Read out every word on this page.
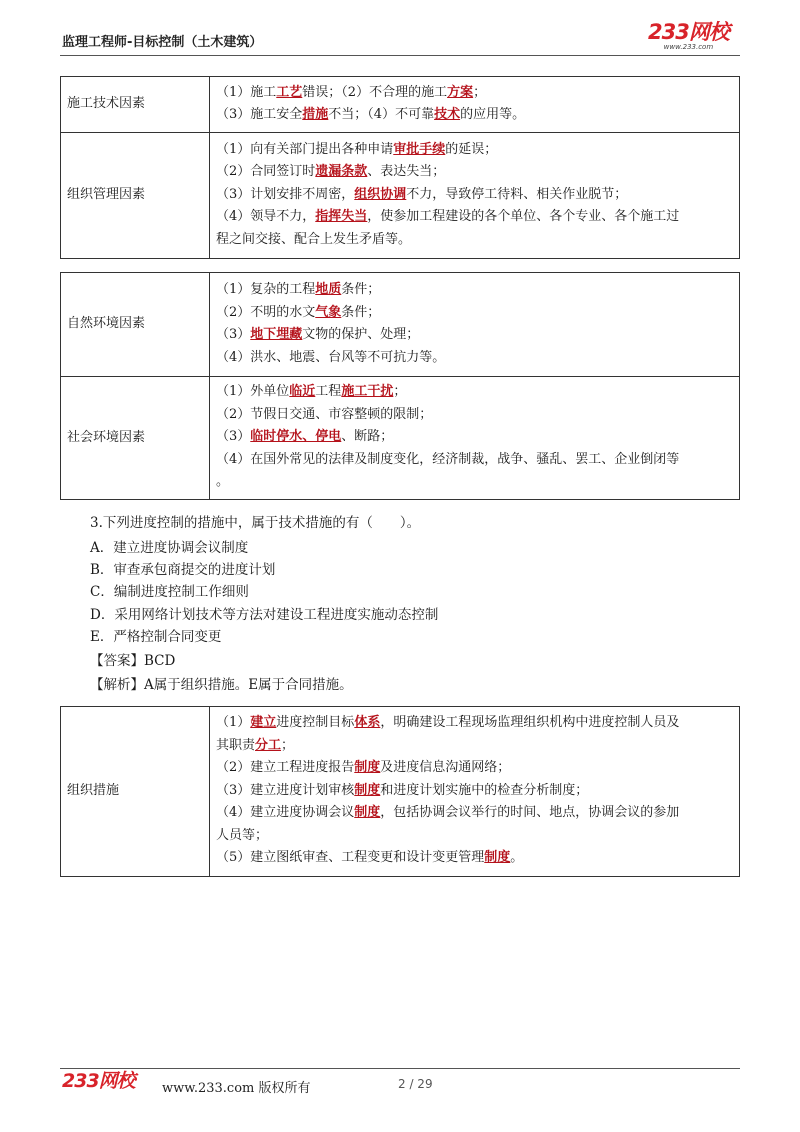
监理工程师-目标控制（土木建筑）	233网校
www.233.com
施工技术因素	（1）施工工艺错误；（2）不合理的施工方案；
（3）施工安全措施不当；（4）不可靠技术的应用等。

组织管理因素	（1）向有关部门提出各种申请审批手续的延误；
（2）合同签订时遗漏条款、表达失当；
（3）计划安排不周密，组织协调不力，导致停工待料、相关作业脱节；
（4）领导不力，指挥失当，使参加工程建设的各个单位、各个专业、各个施工过
程之间交接、配合上发生矛盾等。
自然环境因素	（1）复杂的工程地质条件；
（2）不明的水文气象条件；
（3）地下埋藏文物的保护、处理；
（4）洪水、地震、台风等不可抗力等。

社会环境因素	（1）外单位临近工程施工干扰；
（2）节假日交通、市容整顿的限制；
（3）临时停水、停电、断路；
（4）在国外常见的法律及制度变化，经济制裁，战争、骚乱、罢工、企业倒闭等
。
3.下列进度控制的措施中，属于技术措施的有（　　）。
A．建立进度协调会议制度
B．审查承包商提交的进度计划
C．编制进度控制工作细则
D．采用网络计划技术等方法对建设工程进度实施动态控制
E．严格控制合同变更
【答案】BCD
【解析】A属于组织措施。E属于合同措施。
组织措施	
（1）建立进度控制目标体系，明确建设工程现场监理组织机构中进度控制人员及
其职责分工；
（2）建立工程进度报告制度及进度信息沟通网络；
（3）建立进度计划审核制度和进度计划实施中的检查分析制度；
（4）建立进度协调会议制度，包括协调会议举行的时间、地点，协调会议的参加
人员等；
（5）建立图纸审查、工程变更和设计变更管理制度。
233网校 www.233.com 版权所有	2 / 29
